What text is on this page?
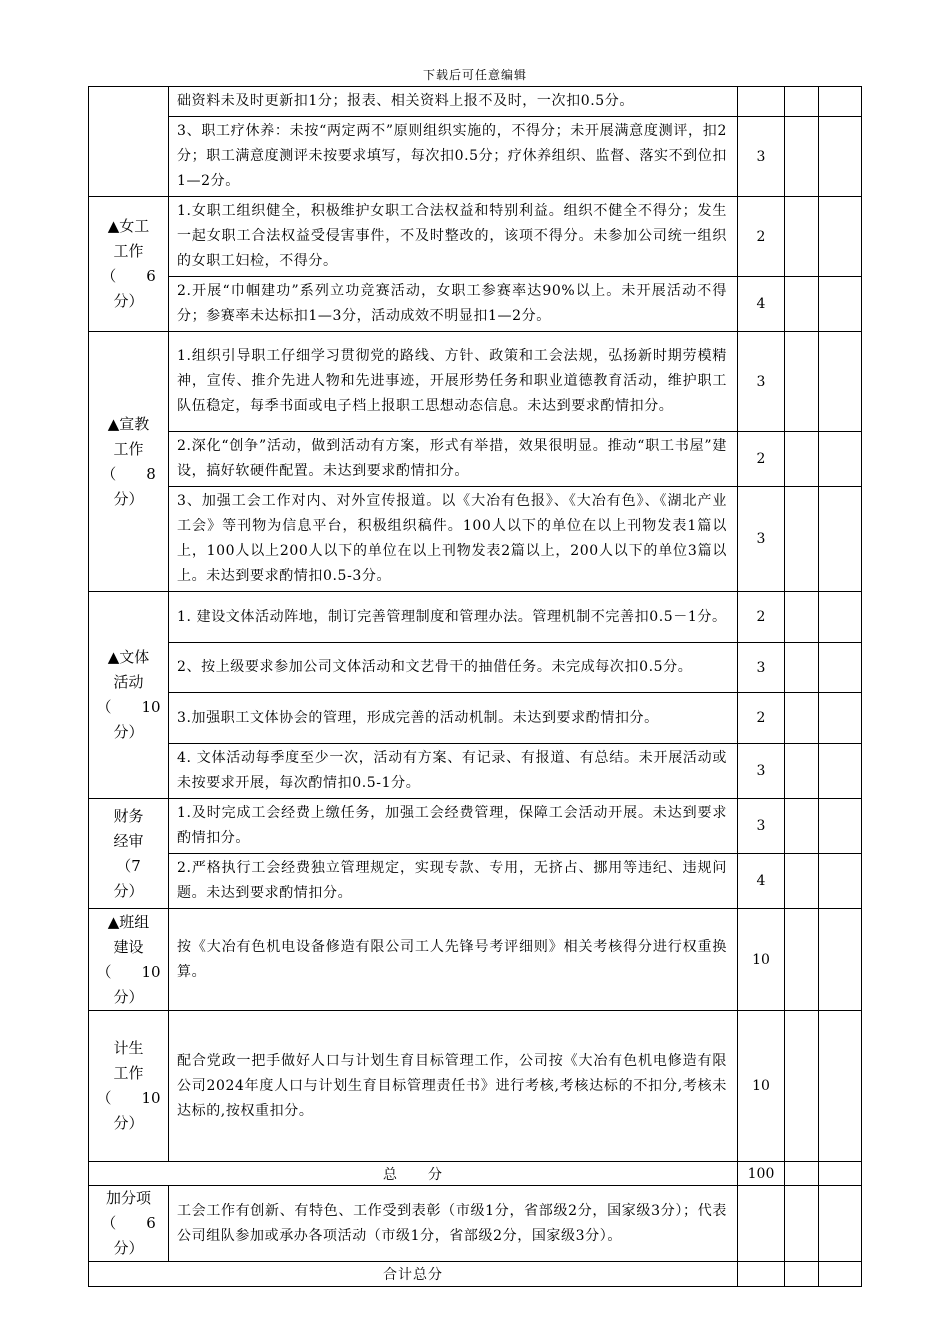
下载后可任意编辑
	础资料未及时更新扣1分；报表、相关资料上报不及时，一次扣0.5分。			
	3、职工疗休养：未按“两定两不”原则组织实施的，不得分；未开展满意度测评，扣2分；职工满意度测评未按要求填写，每次扣0.5分；疗休养组织、监督、落实不到位扣1—2分。	3		

▲女工
工作
（　　6
分）	1.女职工组织健全，积极维护女职工合法权益和特别利益。组织不健全不得分；发生一起女职工合法权益受侵害事件，不及时整改的，该项不得分。未参加公司统一组织的女职工妇检，不得分。	2		
	2.开展“巾帼建功”系列立功竞赛活动，女职工参赛率达90%以上。未开展活动不得分；参赛率未达标扣1—3分，活动成效不明显扣1—2分。	4		

▲宣教
工作
（　　8
分）	1.组织引导职工仔细学习贯彻党的路线、方针、政策和工会法规，弘扬新时期劳模精神，宣传、推介先进人物和先进事迹，开展形势任务和职业道德教育活动，维护职工队伍稳定，每季书面或电子档上报职工思想动态信息。未达到要求酌情扣分。	3		
	2.深化“创争”活动，做到活动有方案，形式有举措，效果很明显。推动“职工书屋”建设，搞好软硬件配置。未达到要求酌情扣分。	2		
	3、加强工会工作对内、对外宣传报道。以《大冶有色报》、《大冶有色》、《湖北产业工会》等刊物为信息平台，积极组织稿件。100人以下的单位在以上刊物发表1篇以上，100人以上200人以下的单位在以上刊物发表2篇以上，200人以下的单位3篇以上。未达到要求酌情扣0.5-3分。	3		

▲文体
活动
（　　10
分）	1. 建设文体活动阵地，制订完善管理制度和管理办法。管理机制不完善扣0.5－1分。	2		
	2、按上级要求参加公司文体活动和文艺骨干的抽借任务。未完成每次扣0.5分。	3		
	3.加强职工文体协会的管理，形成完善的活动机制。未达到要求酌情扣分。	2		
	4. 文体活动每季度至少一次，活动有方案、有记录、有报道、有总结。未开展活动或未按要求开展，每次酌情扣0.5-1分。	3		

财务
经审
（7
分）	1.及时完成工会经费上缴任务，加强工会经费管理，保障工会活动开展。未达到要求酌情扣分。	3		
	2.严格执行工会经费独立管理规定，实现专款、专用，无挤占、挪用等违纪、违规问题。未达到要求酌情扣分。	4		

▲班组
建设
（　　10
分）	按《大冶有色机电设备修造有限公司工人先锋号考评细则》相关考核得分进行权重换算。	10		

计生
工作
（　　10
分）	配合党政一把手做好人口与计划生育目标管理工作，公司按《大冶有色机电修造有限公司2024年度人口与计划生育目标管理责任书》进行考核,考核达标的不扣分,考核未达标的,按权重扣分。	10		
总　　分		100		

加分项
（　　6
分）	工会工作有创新、有特色、工作受到表彰（市级1分，省部级2分，国家级3分）；代表公司组队参加或承办各项活动（市级1分，省部级2分，国家级3分）。			
合计总分				
